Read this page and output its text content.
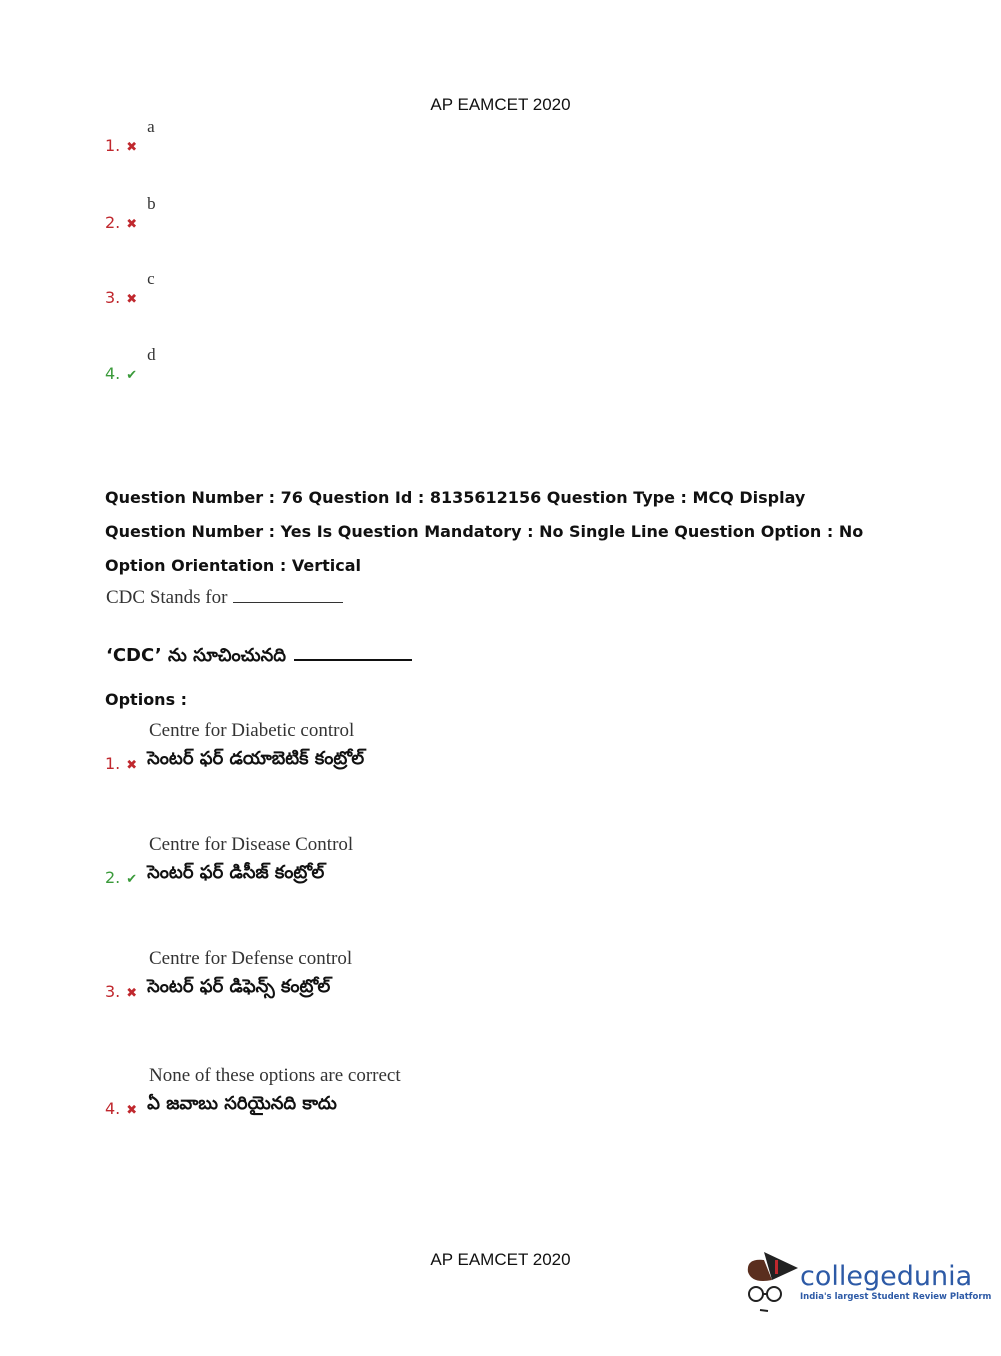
AP EAMCET 2020
1. ✖
a
2. ✖
b
3. ✖
c
4. ✔
d
Question Number : 76 Question Id : 8135612156 Question Type : MCQ Display Question Number : Yes Is Question Mandatory : No Single Line Question Option : No Option Orientation : Vertical
CDC Stands for
‘CDC’ ను సూచించునది
Options :
Centre for Diabetic control
1. ✖ సెంటర్ ఫర్ డయాబెటిక్ కంట్రోల్
Centre for Disease Control
2. ✔ సెంటర్ ఫర్ డిసీజ్ కంట్రోల్
Centre for Defense control
3. ✖ సెంటర్ ఫర్ డిఫెన్స్ కంట్రోల్
None of these options are correct
4. ✖ ఏ జవాబు సరియైనది కాదు
AP EAMCET 2020
collegedunia
India's largest Student Review Platform
